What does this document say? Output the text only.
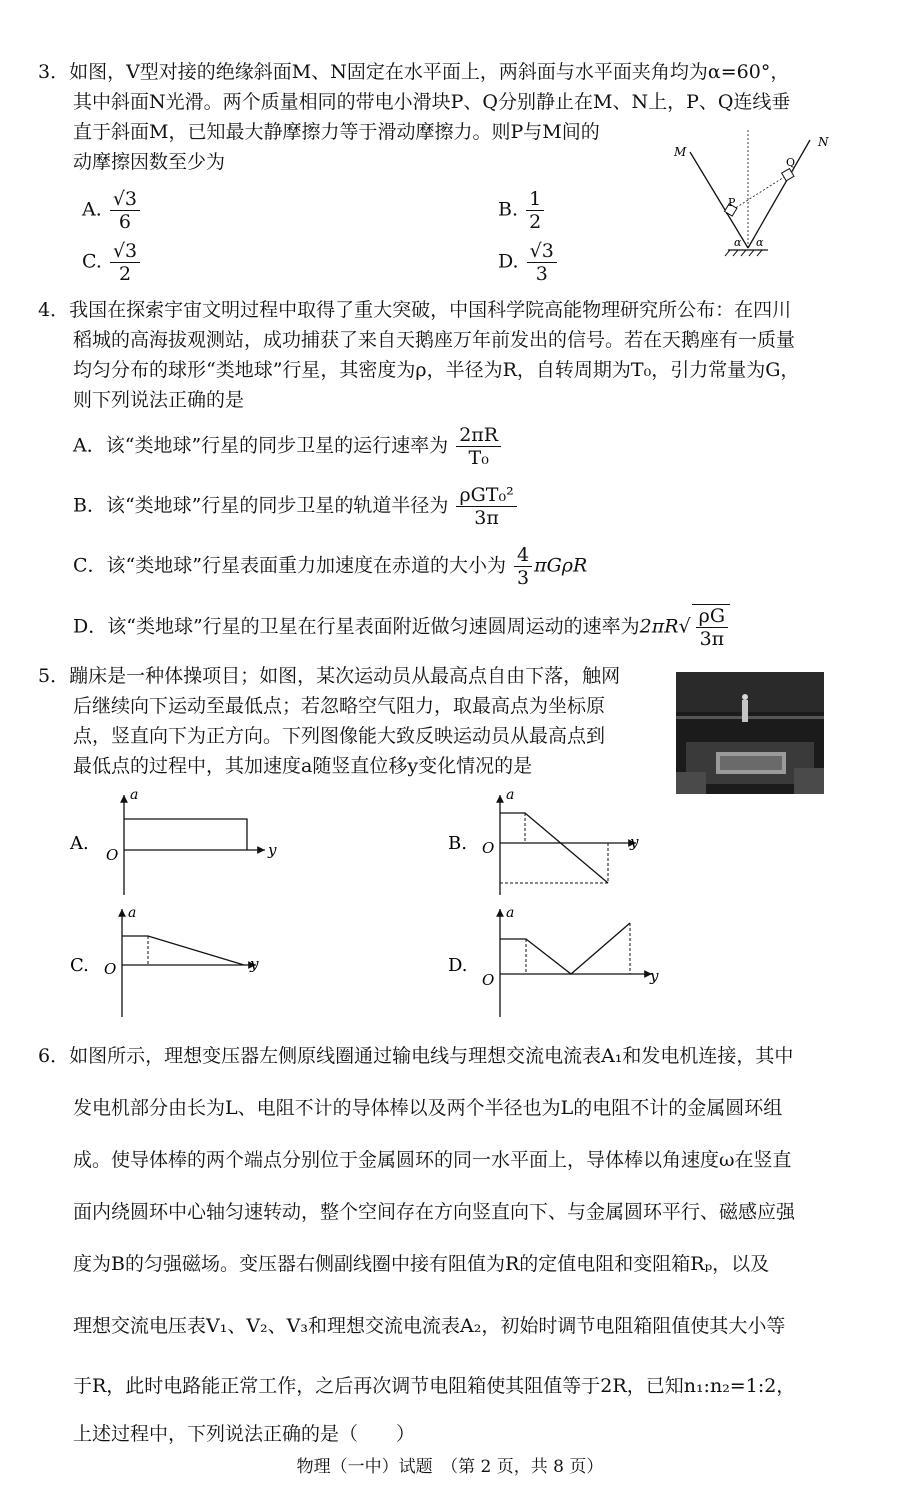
3．如图，V型对接的绝缘斜面M、N固定在水平面上，两斜面与水平面夹角均为α=60°，
其中斜面N光滑。两个质量相同的带电小滑块P、Q分别静止在M、N上，P、Q连线垂
直于斜面M，已知最大静摩擦力等于滑动摩擦力。则P与M间的
动摩擦因数至少为
A. $\frac{√3}{6}$	B. $\frac{1}{2}$
C. $\frac{√3}{2}$	D. $\frac{√3}{3}$
M
N
P
Q
α α
4．我国在探索宇宙文明过程中取得了重大突破，中国科学院高能物理研究所公布：在四川
稻城的高海拔观测站，成功捕获了来自天鹅座万年前发出的信号。若在天鹅座有一质量
均匀分布的球形“类地球”行星，其密度为ρ，半径为R，自转周期为T₀，引力常量为G，
则下列说法正确的是
A．该“类地球”行星的同步卫星的运行速率为 $\frac{2\pi R}{\text{T₀}}$
B．该“类地球”行星的同步卫星的轨道半径为 $\frac{\text{ρGT₀²}}{3\pi}$
C．该“类地球”行星表面重力加速度在赤道的大小为 $\frac{4}{3}$ πGρR
D．该“类地球”行星的卫星在行星表面附近做匀速圆周运动的速率为$2\pi R√ \frac{\rho G}{3\pi}$
5．蹦床是一种体操项目；如图，某次运动员从最高点自由下落，触网
后继续向下运动至最低点；若忽略空气阻力，取最高点为坐标原
点，竖直向下为正方向。下列图像能大致反映运动员从最高点到
最低点的过程中，其加速度a随竖直位移y变化情况的是
A.
a
O	y	B.
a
O	y
C.
a
O	y	D.
a
O	y
6．如图所示，理想变压器左侧原线圈通过输电线与理想交流电流表A₁和发电机连接，其中
发电机部分由长为L、电阻不计的导体棒以及两个半径也为L的电阻不计的金属圆环组
成。使导体棒的两个端点分别位于金属圆环的同一水平面上，导体棒以角速度ω在竖直
面内绕圆环中心轴匀速转动，整个空间存在方向竖直向下、与金属圆环平行、磁感应强
度为B的匀强磁场。变压器右侧副线圈中接有阻值为R的定值电阻和变阻箱Rₚ，以及
理想交流电压表V₁、V₂、V₃和理想交流电流表A₂，初始时调节电阻箱阻值使其大小等
于R，此时电路能正常工作，之后再次调节电阻箱使其阻值等于2R，已知n₁:n₂=1:2，
上述过程中，下列说法正确的是（　　）
物理（一中）试题　（第 2 页，共 8 页）
